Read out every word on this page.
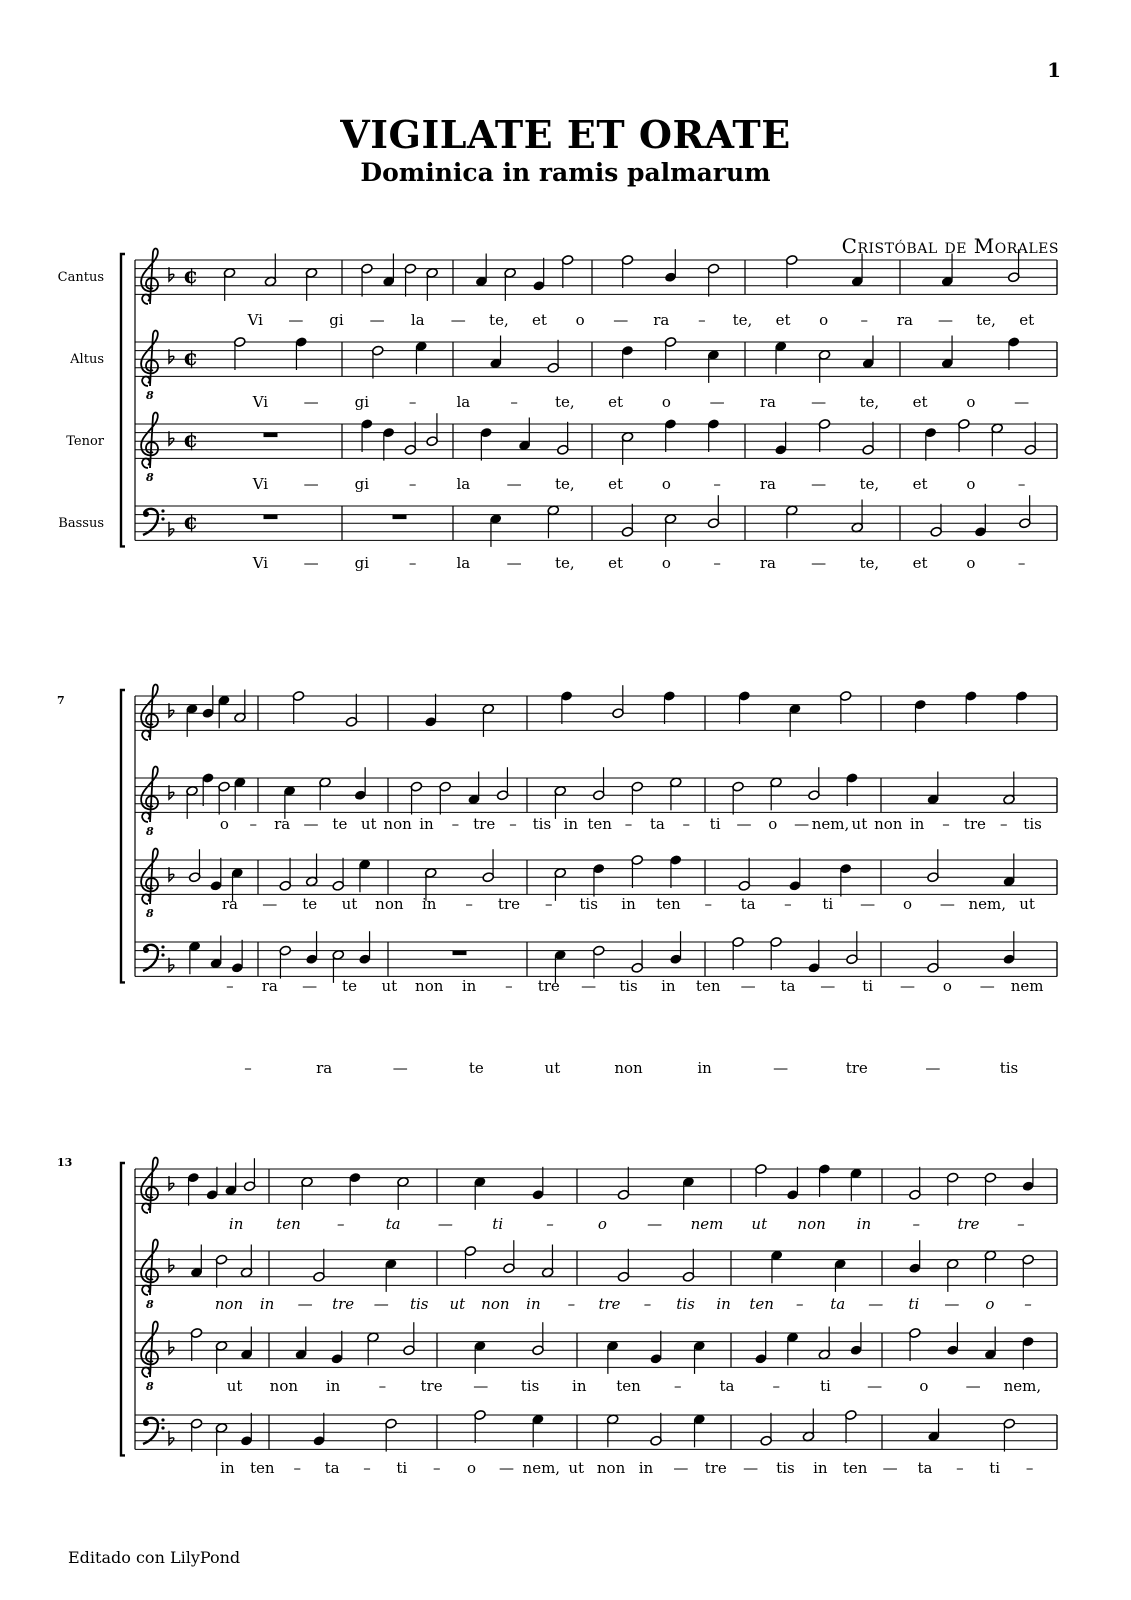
1
VIGILATE ET ORATE
Dominica in ramis palmarum
Cristóbal de Morales
Cantus	¢
Vi — gi — la — te, et o — ra – te, et o – ra — te, et
Altus
8
¢
Vi — gi	–	la	– te, et	o	— ra — te, et	o	—
Tenor
8
¢
Vi — gi	–	la — te, et	o	–	ra — te, et	o	–
Bassus	¢
Vi — gi	–	la — te, et	o	–	ra — te, et	o	–
7
o – ra — te ut non in – tre – tis in ten – ta – ti — o — nem, ut non in – tre – tis
8
ra — te ut non in – tre – tis in ten – ta – ti — o — nem, ut
8
– ra — te ut non in – tre — tis in ten — ta — ti — o — nem
–	ra	—	te	ut	non	in	—	tre	—	tis
13
in ten –	ta —	ti	–	o	— nem ut non in	–	tre	–
8	non in — tre — tis ut non in – tre – tis in ten – ta — ti — o –
8	ut non in	– tre — tis in ten –	ta	–	ti — o — nem,
in ten – ta – ti – o — nem, ut non in — tre — tis in ten — ta – ti –
Editado con LilyPond
